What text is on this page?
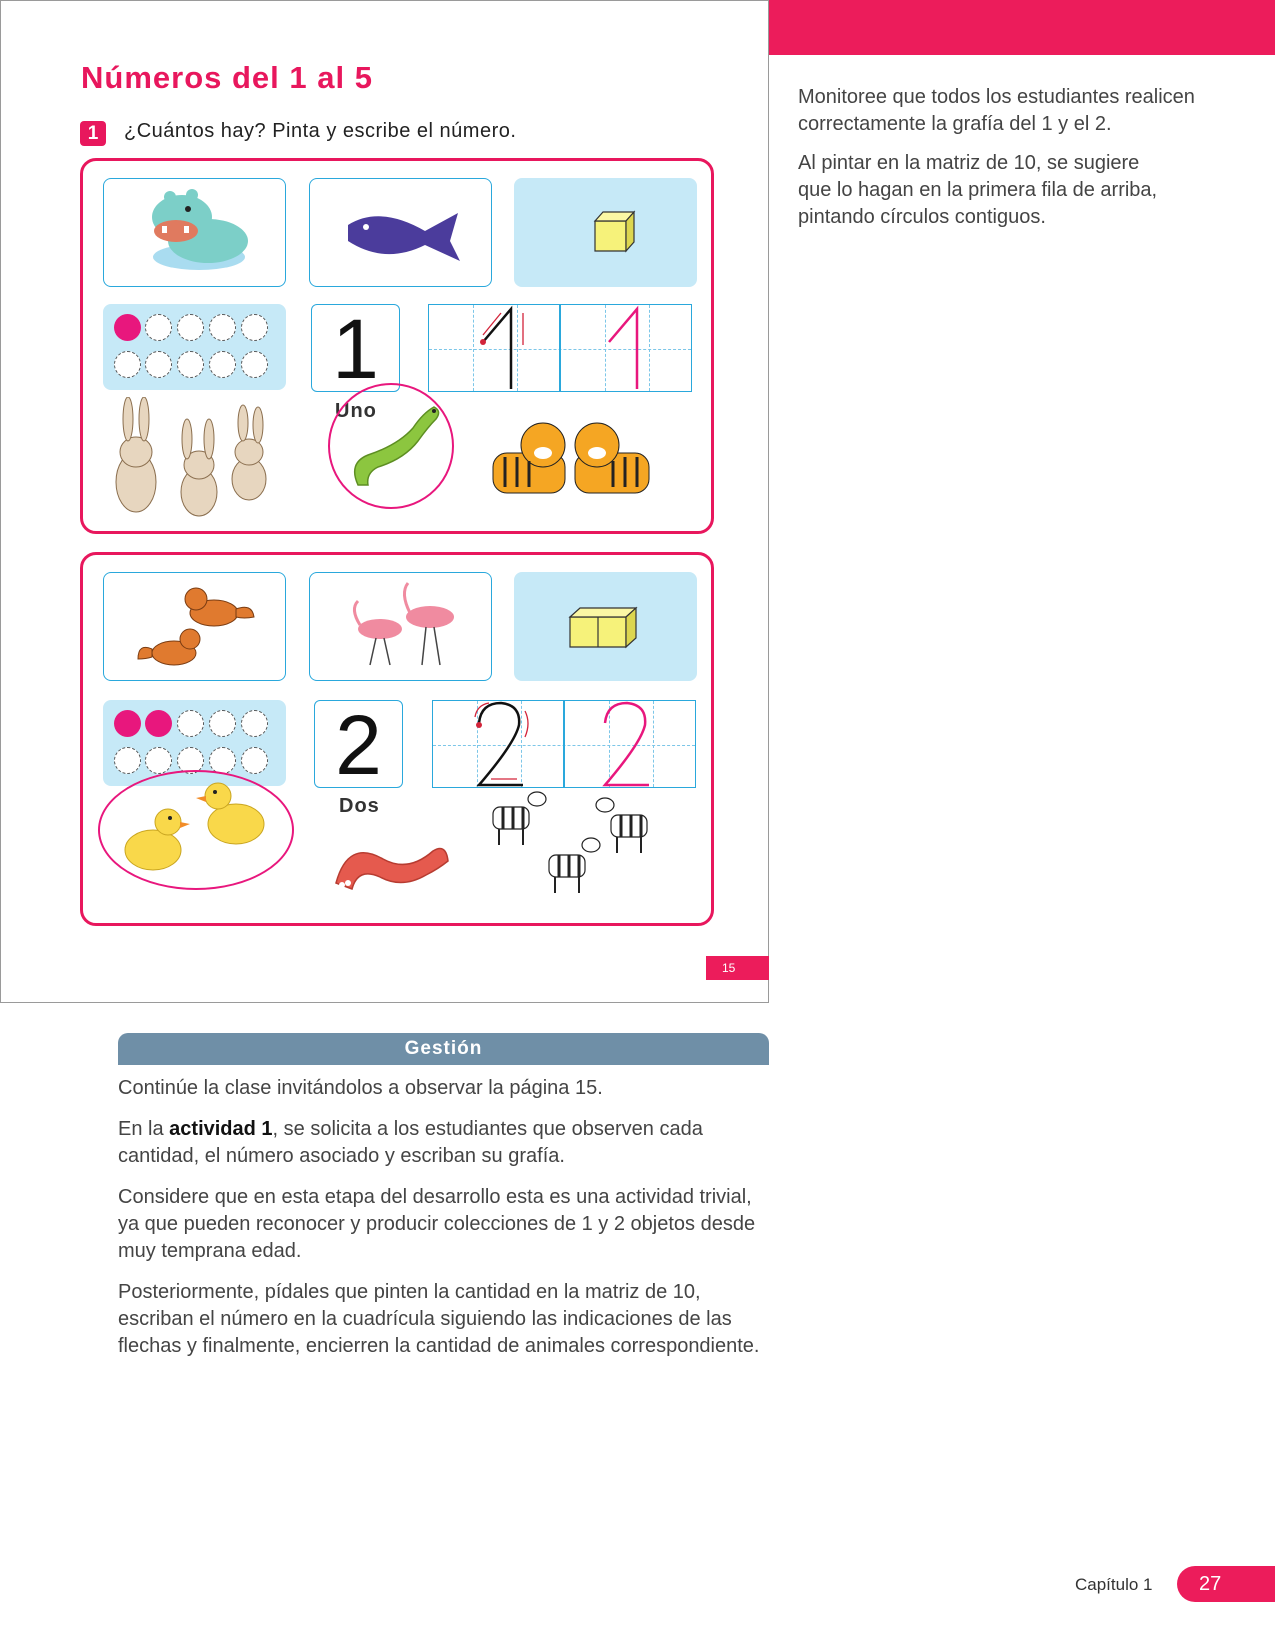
Números del 1 al 5
1	¿Cuántos hay? Pinta y escribe el número.
1
Uno
2
Dos
15
Monitoree que todos los estudiantes realicen correctamente la grafía del 1 y el 2.
Al pintar en la matriz de 10, se sugiere que lo hagan en la primera fila de arriba, pintando círculos contiguos.
Gestión
Continúe la clase invitándolos a observar la página 15.
En la actividad 1, se solicita a los estudiantes que observen cada cantidad, el número asociado y escriban su grafía.
Considere que en esta etapa del desarrollo esta es una actividad trivial, ya que pueden reconocer y producir colecciones de 1 y 2 objetos desde muy temprana edad.
Posteriormente, pídales que pinten la cantidad en la matriz de 10, escriban el número en la cuadrícula siguiendo las indicaciones de las flechas y finalmente, encierren la cantidad de animales correspondiente.
Capítulo 1	27
